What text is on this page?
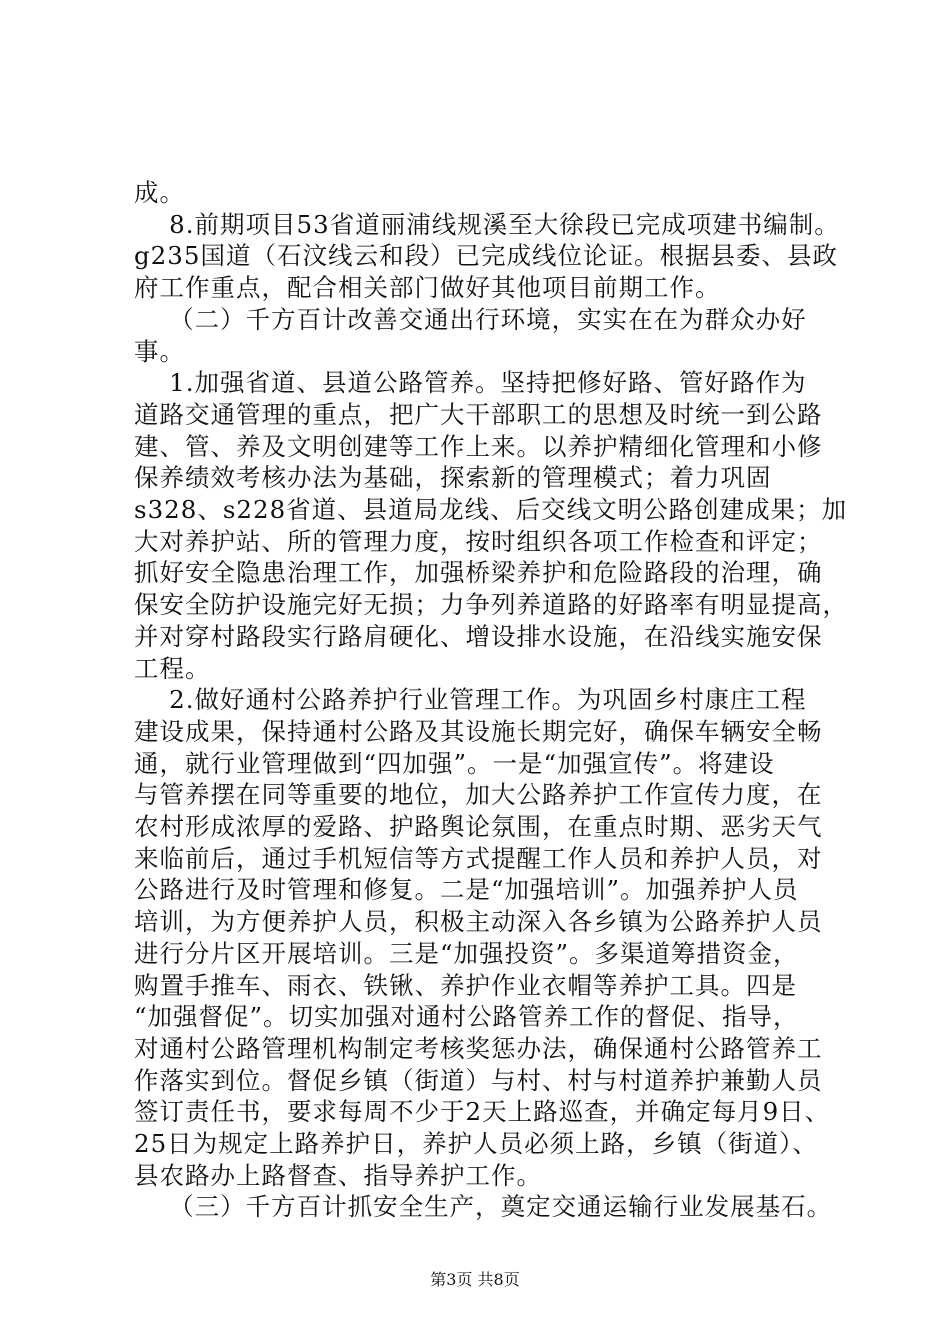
成。
8.前期项目53省道丽浦线规溪至大徐段已完成项建书编制。
g235国道（石汶线云和段）已完成线位论证。根据县委、县政
府工作重点，配合相关部门做好其他项目前期工作。
（二）千方百计改善交通出行环境，实实在在为群众办好
事。
1.加强省道、县道公路管养。坚持把修好路、管好路作为
道路交通管理的重点，把广大干部职工的思想及时统一到公路
建、管、养及文明创建等工作上来。以养护精细化管理和小修
保养绩效考核办法为基础，探索新的管理模式；着力巩固
s328、s228省道、县道局龙线、后交线文明公路创建成果；加
大对养护站、所的管理力度，按时组织各项工作检查和评定；
抓好安全隐患治理工作，加强桥梁养护和危险路段的治理，确
保安全防护设施完好无损；力争列养道路的好路率有明显提高，
并对穿村路段实行路肩硬化、增设排水设施，在沿线实施安保
工程。
2.做好通村公路养护行业管理工作。为巩固乡村康庄工程
建设成果，保持通村公路及其设施长期完好，确保车辆安全畅
通，就行业管理做到“四加强”。一是“加强宣传”。将建设
与管养摆在同等重要的地位，加大公路养护工作宣传力度，在
农村形成浓厚的爱路、护路舆论氛围，在重点时期、恶劣天气
来临前后，通过手机短信等方式提醒工作人员和养护人员，对
公路进行及时管理和修复。二是“加强培训”。加强养护人员
培训，为方便养护人员，积极主动深入各乡镇为公路养护人员
进行分片区开展培训。三是“加强投资”。多渠道筹措资金，
购置手推车、雨衣、铁锹、养护作业衣帽等养护工具。四是
“加强督促”。切实加强对通村公路管养工作的督促、指导，
对通村公路管理机构制定考核奖惩办法，确保通村公路管养工
作落实到位。督促乡镇（街道）与村、村与村道养护兼勤人员
签订责任书，要求每周不少于2天上路巡查，并确定每月9日、
25日为规定上路养护日，养护人员必须上路，乡镇（街道）、
县农路办上路督查、指导养护工作。
（三）千方百计抓安全生产，奠定交通运输行业发展基石。
第3页 共8页
